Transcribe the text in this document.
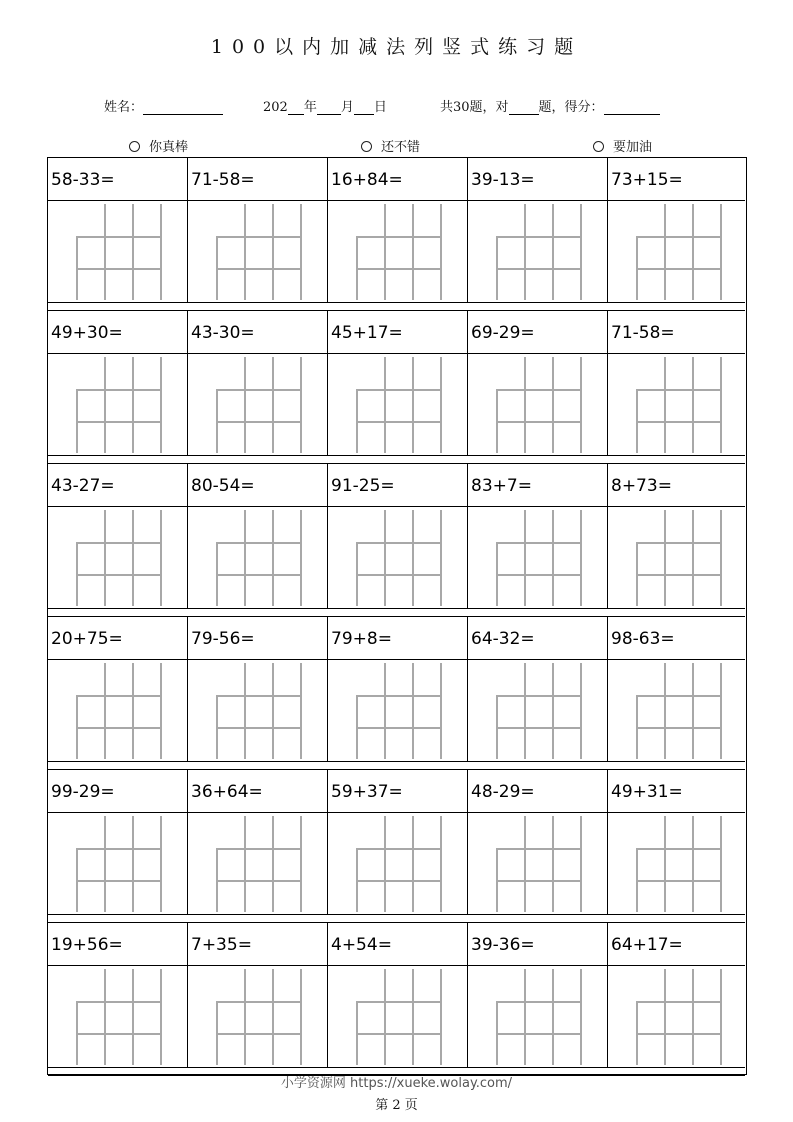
100以内加减法列竖式练习题
姓名：	202 年 月 日	共30题，对 题，得分：
你真棒	还不错	要加油
58-33=	71-58=	16+84=	39-13=	73+15=
49+30=	43-30=	45+17=	69-29=	71-58=
43-27=	80-54=	91-25=	83+7=	8+73=
20+75=	79-56=	79+8=	64-32=	98-63=
99-29=	36+64=	59+37=	48-29=	49+31=
19+56=	7+35=	4+54=	39-36=	64+17=
小学资源网 https://xueke.wolay.com/
第 2 页
